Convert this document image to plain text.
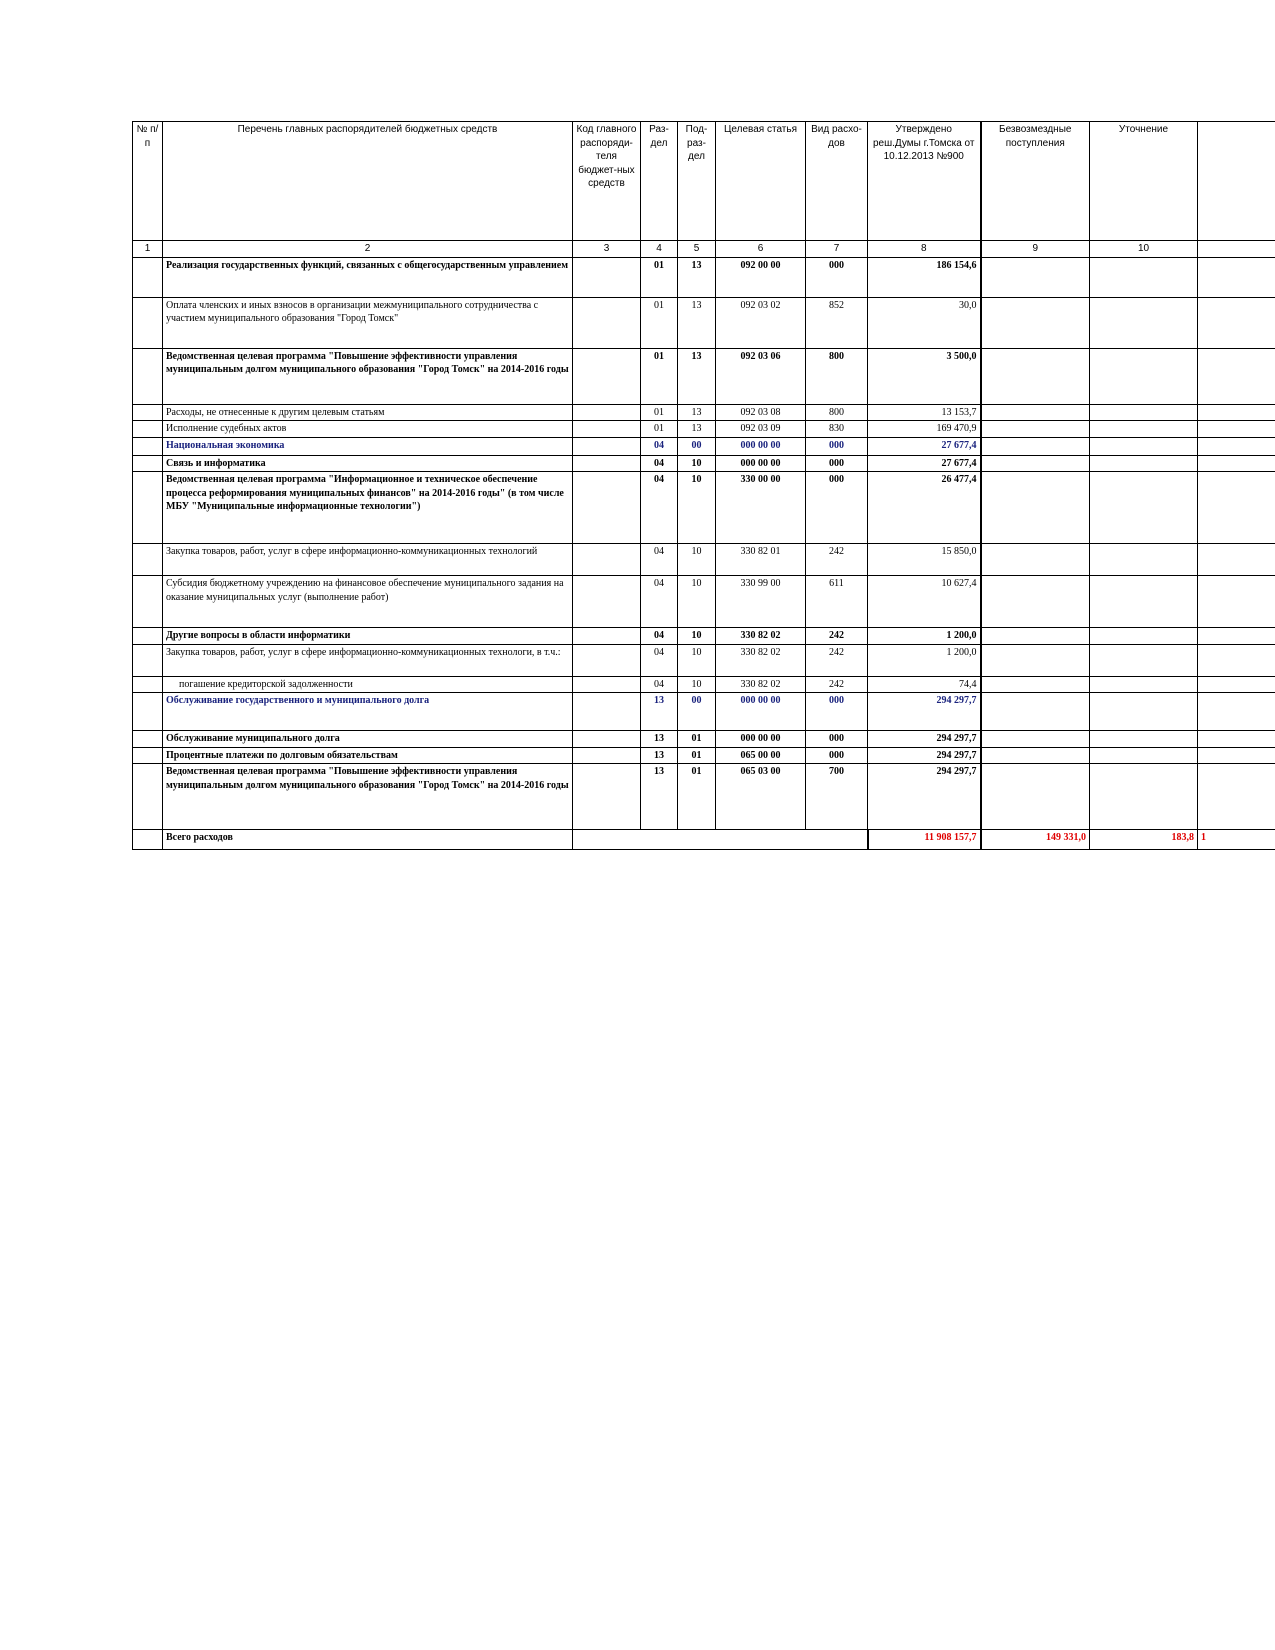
№ п/п	Перечень главных распорядителей бюджетных средств	Код главного распоряди-теля бюджет-ных средств	Раз-дел	Под-раз-дел	Целевая статья	Вид расхо-дов	Утверждено реш.Думы г.Томска от 10.12.2013 №900	Безвозмездные поступления	Уточнение	
1	2	3	4	5	6	7	8	9	10	
	Реализация государственных функций, связанных с общегосударственным управлением		01	13	092 00 00	000	186 154,6			
	Оплата членских и иных взносов в организации межмуниципального сотрудничества с участием муниципального образования "Город Томск"		01	13	092 03 02	852	30,0			
	Ведомственная целевая программа "Повышение эффективности управления муниципальным долгом муниципального образования "Город Томск" на 2014-2016 годы		01	13	092 03 06	800	3 500,0			
	Расходы, не отнесенные к другим целевым статьям		01	13	092 03 08	800	13 153,7			
	Исполнение судебных актов		01	13	092 03 09	830	169 470,9			
	Национальная экономика		04	00	000 00 00	000	27 677,4			
	Связь и информатика		04	10	000 00 00	000	27 677,4			
	Ведомственная целевая программа "Информационное и техническое обеспечение процесса реформирования муниципальных финансов" на 2014-2016 годы" (в том числе МБУ "Муниципальные информационные технологии")		04	10	330 00 00	000	26 477,4			
	Закупка товаров, работ, услуг в сфере информационно-коммуникационных технологий		04	10	330 82 01	242	15 850,0			
	Субсидия бюджетному учреждению на финансовое обеспечение муниципального задания на оказание муниципальных услуг (выполнение работ)		04	10	330 99 00	611	10 627,4			
	Другие вопросы в области информатики		04	10	330 82 02	242	1 200,0			
	Закупка товаров, работ, услуг в сфере информационно-коммуникационных технологи, в т.ч.:		04	10	330 82 02	242	1 200,0			
	погашение кредиторской задолженности		04	10	330 82 02	242	74,4			
	Обслуживание государственного и муниципального долга		13	00	000 00 00	000	294 297,7			
	Обслуживание муниципального долга		13	01	000 00 00	000	294 297,7			
	Процентные платежи по долговым обязательствам		13	01	065 00 00	000	294 297,7			
	Ведомственная целевая программа "Повышение эффективности управления муниципальным долгом муниципального образования "Город Томск" на 2014-2016 годы		13	01	065 03 00	700	294 297,7			
	Всего расходов						11 908 157,7	149 331,0	183,8	1
